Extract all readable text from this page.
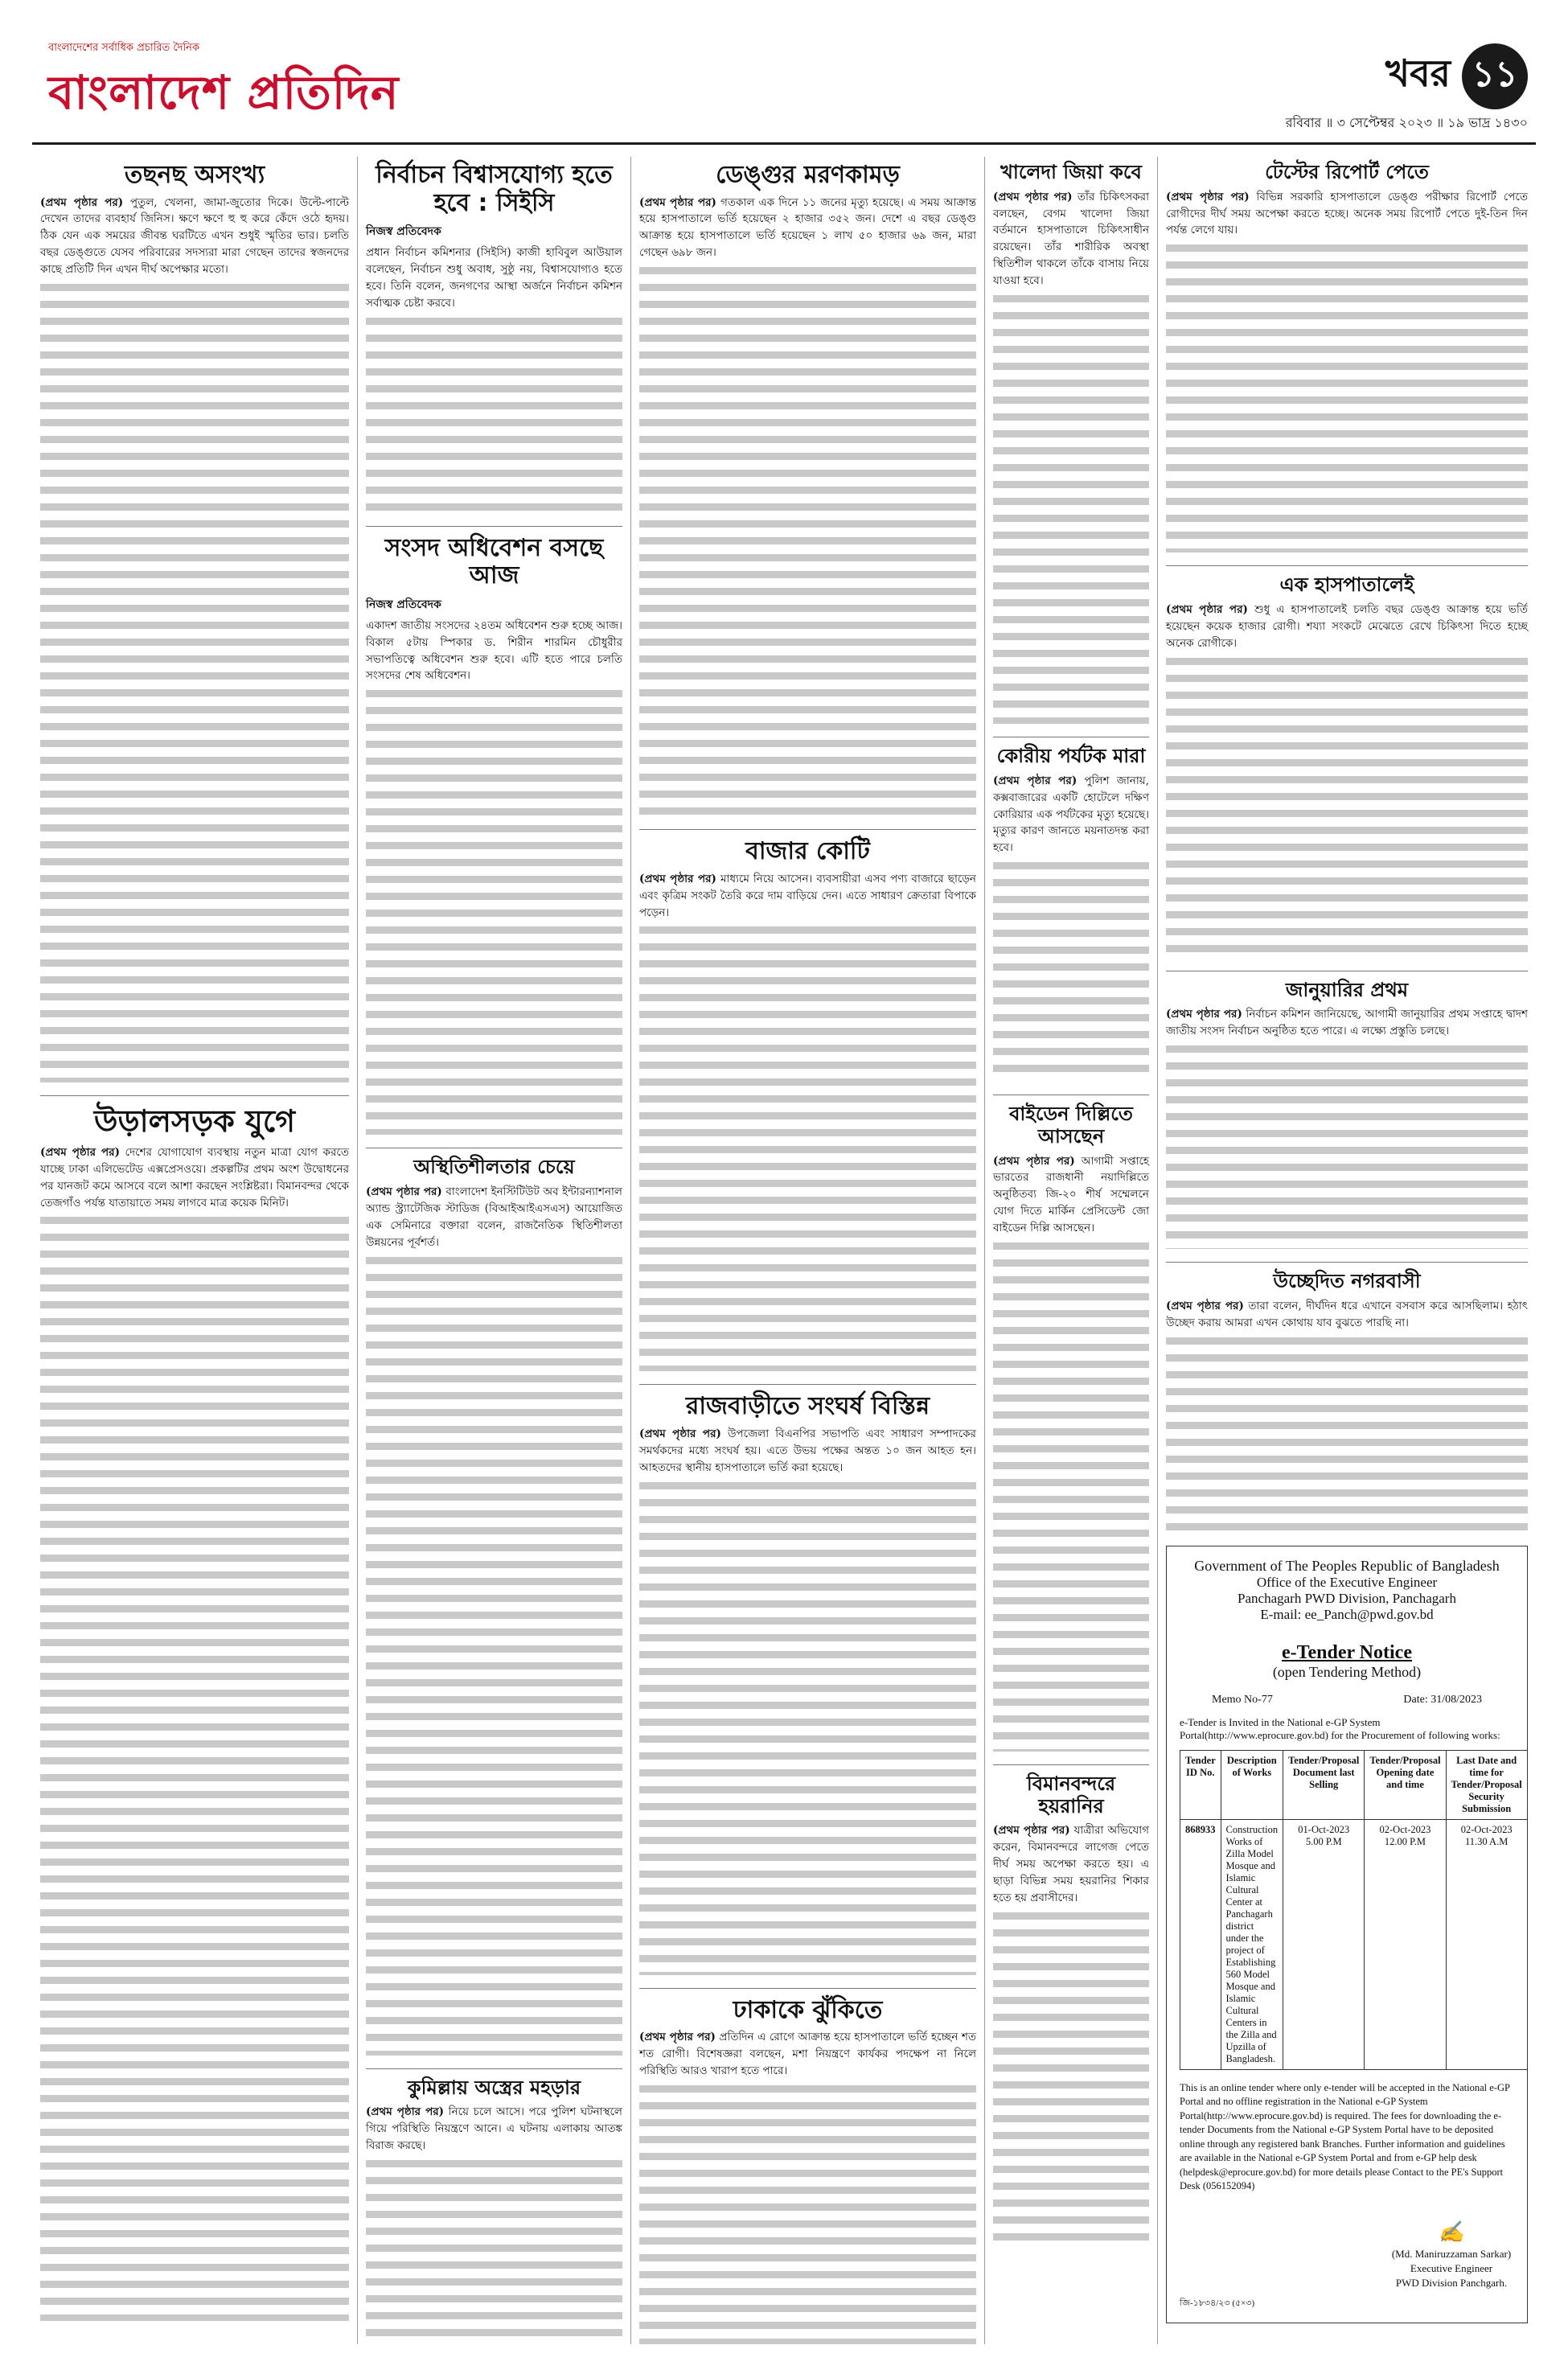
বাংলাদেশের সর্বাধিক প্রচারিত দৈনিক
বাংলাদেশ প্রতিদিন	খবর ১১
রবিবার ॥ ৩ সেপ্টেম্বর ২০২৩ ॥ ১৯ ভাদ্র ১৪৩০
তছনছ অসংখ্য

(প্রথম পৃষ্ঠার পর) পুতুল, খেলনা, জামা-জুতোর দিকে। উল্টে-পাল্টে দেখেন তাদের ব্যবহার্য জিনিস। ক্ষণে ক্ষণে হু হু করে কেঁদে ওঠে হৃদয়। ঠিক যেন এক সময়ের জীবন্ত ঘরটিতে এখন শুধুই স্মৃতির ভার। চলতি বছর ডেঙ্গুতে যেসব পরিবারের সদস্যরা মারা গেছেন তাদের স্বজনদের কাছে প্রতিটি দিন এখন দীর্ঘ অপেক্ষার মতো।

উড়ালসড়ক যুগে

(প্রথম পৃষ্ঠার পর) দেশের যোগাযোগ ব্যবস্থায় নতুন মাত্রা যোগ করতে যাচ্ছে ঢাকা এলিভেটেড এক্সপ্রেসওয়ে। প্রকল্পটির প্রথম অংশ উদ্বোধনের পর যানজট কমে আসবে বলে আশা করছেন সংশ্লিষ্টরা। বিমানবন্দর থেকে তেজগাঁও পর্যন্ত যাতায়াতে সময় লাগবে মাত্র কয়েক মিনিট।

নির্বাচন বিশ্বাসযোগ্য হতে হবে : সিইসি
নিজস্ব প্রতিবেদক

প্রধান নির্বাচন কমিশনার (সিইসি) কাজী হাবিবুল আউয়াল বলেছেন, নির্বাচন শুধু অবাধ, সুষ্ঠু নয়, বিশ্বাসযোগ্যও হতে হবে। তিনি বলেন, জনগণের আস্থা অর্জনে নির্বাচন কমিশন সর্বাত্মক চেষ্টা করবে।

সংসদ অধিবেশন বসছে আজ
নিজস্ব প্রতিবেদক

একাদশ জাতীয় সংসদের ২৪তম অধিবেশন শুরু হচ্ছে আজ। বিকাল ৫টায় স্পিকার ড. শিরীন শারমিন চৌধুরীর সভাপতিত্বে অধিবেশন শুরু হবে। এটি হতে পারে চলতি সংসদের শেষ অধিবেশন।

অস্থিতিশীলতার চেয়ে

(প্রথম পৃষ্ঠার পর) বাংলাদেশ ইনস্টিটিউট অব ইন্টারন্যাশনাল অ্যান্ড স্ট্র্যাটেজিক স্টাডিজ (বিআইআইএসএস) আয়োজিত এক সেমিনারে বক্তারা বলেন, রাজনৈতিক স্থিতিশীলতা উন্নয়নের পূর্বশর্ত।

কুমিল্লায় অস্ত্রের মহড়ার

(প্রথম পৃষ্ঠার পর) নিয়ে চলে আসে। পরে পুলিশ ঘটনাস্থলে গিয়ে পরিস্থিতি নিয়ন্ত্রণে আনে। এ ঘটনায় এলাকায় আতঙ্ক বিরাজ করছে।

ডেঙ্গুর মরণকামড়

(প্রথম পৃষ্ঠার পর) গতকাল এক দিনে ১১ জনের মৃত্যু হয়েছে। এ সময় আক্রান্ত হয়ে হাসপাতালে ভর্তি হয়েছেন ২ হাজার ৩৫২ জন। দেশে এ বছর ডেঙ্গু আক্রান্ত হয়ে হাসপাতালে ভর্তি হয়েছেন ১ লাখ ৫০ হাজার ৬৯ জন, মারা গেছেন ৬৯৮ জন।

বাজার কোটি

(প্রথম পৃষ্ঠার পর) মাধ্যমে নিয়ে আসেন। ব্যবসায়ীরা এসব পণ্য বাজারে ছাড়েন এবং কৃত্রিম সংকট তৈরি করে দাম বাড়িয়ে দেন। এতে সাধারণ ক্রেতারা বিপাকে পড়েন।

রাজবাড়ীতে সংঘর্ষ বিস্তিন্ন

(প্রথম পৃষ্ঠার পর) উপজেলা বিএনপির সভাপতি এবং সাধারণ সম্পাদকের সমর্থকদের মধ্যে সংঘর্ষ হয়। এতে উভয় পক্ষের অন্তত ১০ জন আহত হন। আহতদের স্থানীয় হাসপাতালে ভর্তি করা হয়েছে।

ঢাকাকে ঝুঁকিতে

(প্রথম পৃষ্ঠার পর) প্রতিদিন এ রোগে আক্রান্ত হয়ে হাসপাতালে ভর্তি হচ্ছেন শত শত রোগী। বিশেষজ্ঞরা বলছেন, মশা নিয়ন্ত্রণে কার্যকর পদক্ষেপ না নিলে পরিস্থিতি আরও খারাপ হতে পারে।

খালেদা জিয়া কবে

(প্রথম পৃষ্ঠার পর) তাঁর চিকিৎসকরা বলছেন, বেগম খালেদা জিয়া বর্তমানে হাসপাতালে চিকিৎসাধীন রয়েছেন। তাঁর শারীরিক অবস্থা স্থিতিশীল থাকলে তাঁকে বাসায় নিয়ে যাওয়া হবে।

কোরীয় পর্যটক মারা

(প্রথম পৃষ্ঠার পর) পুলিশ জানায়, কক্সবাজারের একটি হোটেলে দক্ষিণ কোরিয়ার এক পর্যটকের মৃত্যু হয়েছে। মৃত্যুর কারণ জানতে ময়নাতদন্ত করা হবে।

বাইডেন দিল্লিতে আসছেন

(প্রথম পৃষ্ঠার পর) আগামী সপ্তাহে ভারতের রাজধানী নয়াদিল্লিতে অনুষ্ঠিতব্য জি-২০ শীর্ষ সম্মেলনে যোগ দিতে মার্কিন প্রেসিডেন্ট জো বাইডেন দিল্লি আসছেন।

বিমানবন্দরে হয়রানির

(প্রথম পৃষ্ঠার পর) যাত্রীরা অভিযোগ করেন, বিমানবন্দরে লাগেজ পেতে দীর্ঘ সময় অপেক্ষা করতে হয়। এ ছাড়া বিভিন্ন সময় হয়রানির শিকার হতে হয় প্রবাসীদের।

টেস্টের রিপোর্ট পেতে

(প্রথম পৃষ্ঠার পর) বিভিন্ন সরকারি হাসপাতালে ডেঙ্গু পরীক্ষার রিপোর্ট পেতে রোগীদের দীর্ঘ সময় অপেক্ষা করতে হচ্ছে। অনেক সময় রিপোর্ট পেতে দুই-তিন দিন পর্যন্ত লেগে যায়।

এক হাসপাতালেই

(প্রথম পৃষ্ঠার পর) শুধু এ হাসপাতালেই চলতি বছর ডেঙ্গু আক্রান্ত হয়ে ভর্তি হয়েছেন কয়েক হাজার রোগী। শয্যা সংকটে মেঝেতে রেখে চিকিৎসা দিতে হচ্ছে অনেক রোগীকে।

জানুয়ারির প্রথম

(প্রথম পৃষ্ঠার পর) নির্বাচন কমিশন জানিয়েছে, আগামী জানুয়ারির প্রথম সপ্তাহে দ্বাদশ জাতীয় সংসদ নির্বাচন অনুষ্ঠিত হতে পারে। এ লক্ষ্যে প্রস্তুতি চলছে।

উচ্ছেদিত নগরবাসী

(প্রথম পৃষ্ঠার পর) তারা বলেন, দীর্ঘদিন ধরে এখানে বসবাস করে আসছিলাম। হঠাৎ উচ্ছেদ করায় আমরা এখন কোথায় যাব বুঝতে পারছি না।

Government of The Peoples Republic of Bangladesh
Office of the Executive Engineer
Panchagarh PWD Division, Panchagarh
E-mail: ee_Panch@pwd.gov.bd
e-Tender Notice
(open Tendering Method)
Memo No-77	Date: 31/08/2023
e-Tender is Invited in the National e-GP System Portal(http://www.eprocure.gov.bd) for the Procurement of following works:
Tender ID No.	Description of Works	Tender/Proposal Document last Selling	Tender/Proposal Opening date and time	Last Date and time for Tender/Proposal Security Submission
868933	Construction Works of Zilla Model Mosque and Islamic Cultural Center at Panchagarh district under the project of Establishing 560 Model Mosque and Islamic Cultural Centers in the Zilla and Upzilla of Bangladesh.	01-Oct-2023 5.00 P.M	02-Oct-2023 12.00 P.M	02-Oct-2023 11.30 A.M
This is an online tender where only e-tender will be accepted in the National e-GP Portal and no offline registration in the National e-GP System Portal(http://www.eprocure.gov.bd) is required. The fees for downloading the e-tender Documents from the National e-GP System Portal have to be deposited online through any registered bank Branches. Further information and guidelines are available in the National e-GP System Portal and from e-GP help desk (helpdesk@eprocure.gov.bd) for more details please Contact to the PE's Support Desk (056152094)
✍
(Md. Maniruzzaman Sarkar)
Executive Engineer
PWD Division Panchgarh.
জি-১৮৩৪/২৩ (৫×৩)
